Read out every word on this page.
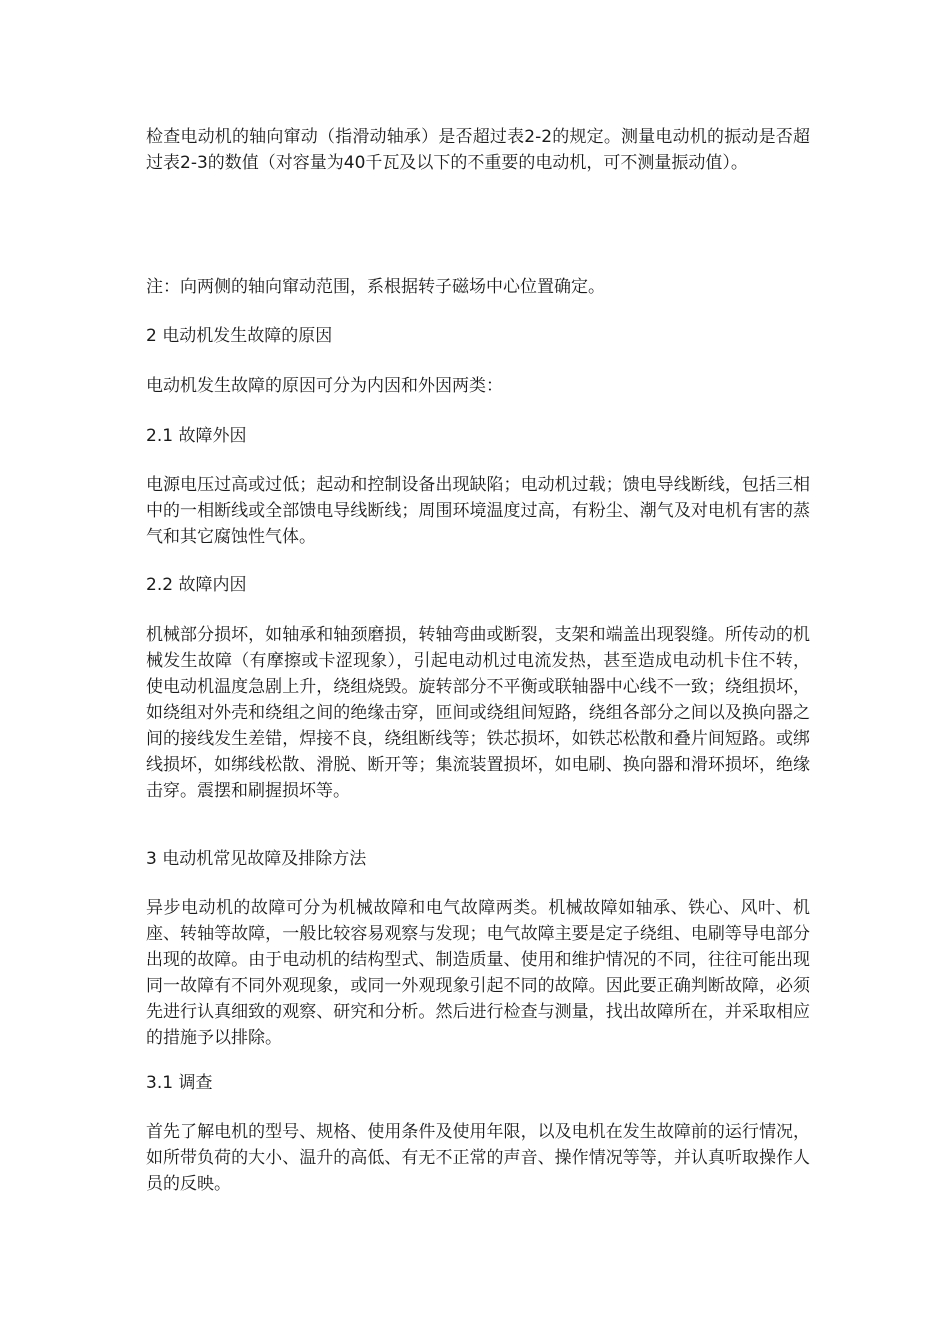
检查电动机的轴向窜动（指滑动轴承）是否超过表2-2的规定。测量电动机的振动是否超过表2-3的数值（对容量为40千瓦及以下的不重要的电动机，可不测量振动值）。

注：向两侧的轴向窜动范围，系根据转子磁场中心位置确定。

2 电动机发生故障的原因

电动机发生故障的原因可分为内因和外因两类：

2.1 故障外因

电源电压过高或过低；起动和控制设备出现缺陷；电动机过载；馈电导线断线，包括三相中的一相断线或全部馈电导线断线；周围环境温度过高，有粉尘、潮气及对电机有害的蒸气和其它腐蚀性气体。

2.2 故障内因

机械部分损坏，如轴承和轴颈磨损，转轴弯曲或断裂，支架和端盖出现裂缝。所传动的机械发生故障（有摩擦或卡涩现象），引起电动机过电流发热，甚至造成电动机卡住不转，使电动机温度急剧上升，绕组烧毁。旋转部分不平衡或联轴器中心线不一致；绕组损坏，如绕组对外壳和绕组之间的绝缘击穿，匝间或绕组间短路，绕组各部分之间以及换向器之间的接线发生差错，焊接不良，绕组断线等；铁芯损坏，如铁芯松散和叠片间短路。或绑线损坏，如绑线松散、滑脱、断开等；集流装置损坏，如电刷、换向器和滑环损坏，绝缘击穿。震摆和刷握损坏等。

3 电动机常见故障及排除方法

异步电动机的故障可分为机械故障和电气故障两类。机械故障如轴承、铁心、风叶、机座、转轴等故障，一般比较容易观察与发现；电气故障主要是定子绕组、电刷等导电部分出现的故障。由于电动机的结构型式、制造质量、使用和维护情况的不同，往往可能出现同一故障有不同外观现象，或同一外观现象引起不同的故障。因此要正确判断故障，必须先进行认真细致的观察、研究和分析。然后进行检查与测量，找出故障所在，并采取相应的措施予以排除。

3.1 调查

首先了解电机的型号、规格、使用条件及使用年限，以及电机在发生故障前的运行情况，如所带负荷的大小、温升的高低、有无不正常的声音、操作情况等等，并认真听取操作人员的反映。
